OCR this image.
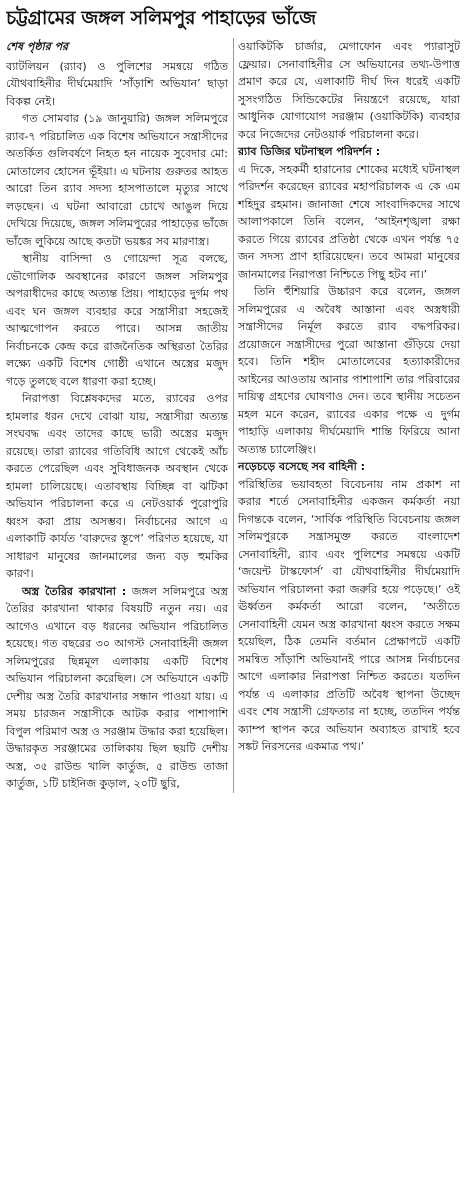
চট্টগ্রামের জঙ্গল সলিমপুর পাহাড়ের ভাঁজে
শেষ পৃষ্ঠার পর

ব্যাটলিয়ন (র‌্যাব) ও পুলিশের সমন্বয়ে গঠিত যৌথবাহিনীর দীর্ঘমেয়াদি ‘সাঁড়াশি অভিযান’ ছাড়া বিকল্প নেই।

গত সোমবার (১৯ জানুয়ারি) জঙ্গল সলিমপুরে র‌্যাব-৭ পরিচালিত এক বিশেষ অভিযানে সন্ত্রাসীদের অতর্কিত গুলিবর্ষণে নিহত হন নায়েক সুবেদার মো: মোতালেব হোসেন ভূঁইয়া। এ ঘটনায় গুরুতর আহত আরো তিন র‌্যাব সদস্য হাসপাতালে মৃত্যুর সাথে লড়ছেন। এ ঘটনা আবারো চোখে আঙুল দিয়ে দেখিয়ে দিয়েছে, জঙ্গল সলিমপুরের পাহাড়ের ভাঁজে ভাঁজে লুকিয়ে আছে কতটা ভয়ঙ্কর সব মারণাস্ত্র।

স্থানীয় বাসিন্দা ও গোয়েন্দা সূত্র বলছে, ভৌগোলিক অবস্থানের কারণে জঙ্গল সলিমপুর অপরাধীদের কাছে অত্যন্ত প্রিয়। পাহাড়ের দুর্গম পথ এবং ঘন জঙ্গল ব্যবহার করে সন্ত্রাসীরা সহজেই আত্মগোপন করতে পারে। আসন্ন জাতীয় নির্বাচনকে কেন্দ্র করে রাজনৈতিক অস্থিরতা তৈরির লক্ষ্যে একটি বিশেষ গোষ্ঠী এখানে অস্ত্রের মজুদ গড়ে তুলছে বলে ধারণা করা হচ্ছে।

নিরাপত্তা বিশ্লেষকদের মতে, র‌্যাবের ওপর হামলার ধরন দেখে বোঝা যায়, সন্ত্রাসীরা অত্যন্ত সংঘবদ্ধ এবং তাদের কাছে ভারী অস্ত্রের মজুদ রয়েছে। তারা র‌্যাবের গতিবিধি আগে থেকেই আঁচ করতে পেরেছিল এবং সুবিধাজনক অবস্থান থেকে হামলা চালিয়েছে। এতাবস্থায় বিচ্ছিন্ন বা ঝটিকা অভিযান পরিচালনা করে এ নেটওয়ার্ক পুরোপুরি ধ্বংস করা প্রায় অসম্ভব। নির্বাচনের আগে এ এলাকাটি কার্যত ‘বারুদের স্তূপে’ পরিণত হয়েছে, যা সাধারণ মানুষের জানমালের জন্য বড় হুমকির কারণ।

অস্ত্র তৈরির কারখানা : জঙ্গল সলিমপুরে অস্ত্র তৈরির কারখানা থাকার বিষয়টি নতুন নয়। এর আগেও এখানে বড় ধরনের অভিযান পরিচালিত হয়েছে। গত বছরের ৩০ আগস্ট সেনাবাহিনী জঙ্গল সলিমপুরের ছিন্নমূল এলাকায় একটি বিশেষ অভিযান পরিচালনা করেছিল। সে অভিযানে একটি দেশীয় অস্ত্র তৈরি কারখানার সন্ধান পাওয়া যায়। এ সময় চারজন সন্ত্রাসীকে আটক করার পাশাপাশি বিপুল পরিমাণ অস্ত্র ও সরঞ্জাম উদ্ধার করা হয়েছিল। উদ্ধারকৃত সরঞ্জামের তালিকায় ছিল ছয়টি দেশীয় অস্ত্র, ৩৫ রাউন্ড খালি কার্তুজ, ৫ রাউন্ড তাজা কার্তুজ, ১টি চাইনিজ কুড়াল, ২০টি ছুরি,

ওয়াকিটকি চার্জার, মেগাফোন এবং প্যারাসুট ফ্লেয়ার। সেনাবাহিনীর সে অভিযানের তথ্য-উপাত্ত প্রমাণ করে যে, এলাকাটি দীর্ঘ দিন ধরেই একটি সুসংগঠিত সিন্ডিকেটের নিয়ন্ত্রণে রয়েছে, যারা আধুনিক যোগাযোগ সরঞ্জাম (ওয়াকিটকি) ব্যবহার করে নিজেদের নেটওয়ার্ক পরিচালনা করে।

র‌্যাব ডিজির ঘটনাস্থল পরিদর্শন :

এ দিকে, সহকর্মী হারানোর শোকের মধ্যেই ঘটনাস্থল পরিদর্শন করেছেন র‌্যাবের মহাপরিচালক এ কে এম শহিদুর রহমান। জানাজা শেষে সাংবাদিকদের সাথে আলাপকালে তিনি বলেন, ‘আইনশৃঙ্খলা রক্ষা করতে গিয়ে র‌্যাবের প্রতিষ্ঠা থেকে এখন পর্যন্ত ৭৫ জন সদস্য প্রাণ হারিয়েছেন। তবে আমরা মানুষের জানমালের নিরাপত্তা নিশ্চিতে পিছু হটব না।’

তিনি হুঁশিয়ারি উচ্চারণ করে বলেন, জঙ্গল সলিমপুরের এ অবৈধ আস্তানা এবং অস্ত্রধারী সন্ত্রাসীদের নির্মূল করতে র‌্যাব বদ্ধপরিকর। প্রয়োজনে সন্ত্রাসীদের পুরো আস্তানা গুঁড়িয়ে দেয়া হবে। তিনি শহীদ মোতালেবের হত্যাকারীদের আইনের আওতায় আনার পাশাপাশি তার পরিবারের দায়িত্ব গ্রহণের ঘোষণাও দেন। তবে স্থানীয় সচেতন মহল মনে করেন, র‌্যাবের একার পক্ষে এ দুর্গম পাহাড়ি এলাকায় দীর্ঘমেয়াদি শান্তি ফিরিয়ে আনা অত্যন্ত চ্যালেঞ্জিং।

নড়েচড়ে বসেছে সব বাহিনী :

পরিস্থিতির ভয়াবহতা বিবেচনায় নাম প্রকাশ না করার শর্তে সেনাবাহিনীর একজন কর্মকর্তা নয়া দিগন্তকে বলেন, ‘সার্বিক পরিস্থিতি বিবেচনায় জঙ্গল সলিমপুরকে সন্ত্রাসমুক্ত করতে বাংলাদেশ সেনাবাহিনী, র‌্যাব এবং পুলিশের সমন্বয়ে একটি ‘জয়েন্ট টাস্কফোর্স’ বা যৌথবাহিনীর দীর্ঘমেয়াদি অভিযান পরিচালনা করা জরুরি হয়ে পড়েছে।’ ওই ঊর্ধ্বতন কর্মকর্তা আরো বলেন, ‘অতীতে সেনাবাহিনী যেমন অস্ত্র কারখানা ধ্বংস করতে সক্ষম হয়েছিল, ঠিক তেমনি বর্তমান প্রেক্ষাপটে একটি সমন্বিত সাঁড়াশি অভিযানই পারে আসন্ন নির্বাচনের আগে এলাকার নিরাপত্তা নিশ্চিত করতে। যতদিন পর্যন্ত এ এলাকার প্রতিটি অবৈধ স্থাপনা উচ্ছেদ এবং শেষ সন্ত্রাসী গ্রেফতার না হচ্ছে, ততদিন পর্যন্ত ক্যাম্প স্থাপন করে অভিযান অব্যাহত রাখাই হবে সঙ্কট নিরসনের একমাত্র পথ।’
